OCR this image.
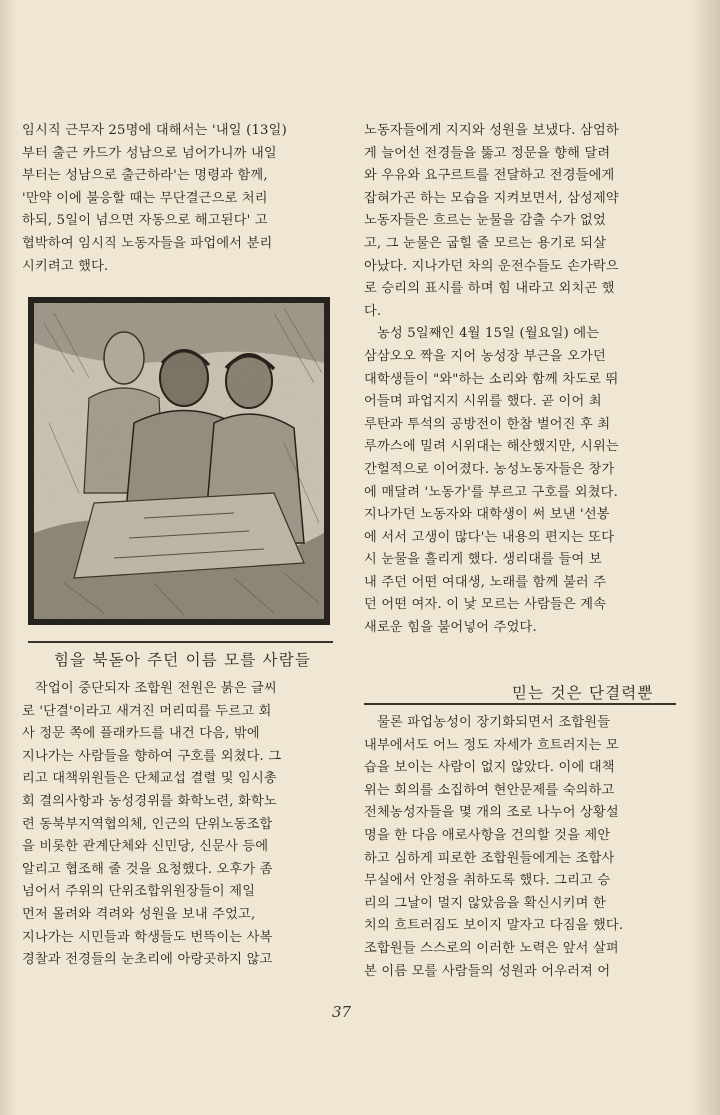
임시직 근무자 25명에 대해서는 '내일 (13일)

부터 출근 카드가 성남으로 넘어가니까 내일

부터는 성남으로 출근하라'는 명령과 함께,

'만약 이에 불응할 때는 무단결근으로 처리

하되, 5일이 넘으면 자동으로 해고된다' 고

협박하여 임시직 노동자들을 파업에서 분리

시키려고 했다.

힘을 북돋아 주던 이름 모를 사람들

작업이 중단되자 조합원 전원은 붉은 글씨

로 '단결'이라고 새겨진 머리띠를 두르고 회

사 정문 쪽에 플래카드를 내건 다음, 밖에

지나가는 사람들을 향하여 구호를 외쳤다. 그

리고 대책위원들은 단체교섭 결렬 및 임시총

회 결의사항과 농성경위를 화학노련, 화학노

련 동북부지역협의체, 인근의 단위노동조합

을 비롯한 관계단체와 신민당, 신문사 등에

알리고 협조해 줄 것을 요청했다. 오후가 좀

넘어서 주위의 단위조합위원장들이 제일

먼저 몰려와 격려와 성원을 보내 주었고,

지나가는 시민들과 학생들도 번뜩이는 사복

경찰과 전경들의 눈초리에 아랑곳하지 않고

노동자들에게 지지와 성원을 보냈다. 삼엄하

게 늘어선 전경들을 뚫고 정문을 향해 달려

와 우유와 요구르트를 전달하고 전경들에게

잡혀가곤 하는 모습을 지켜보면서, 삼성제약

노동자들은 흐르는 눈물을 감출 수가 없었

고, 그 눈물은 굽힐 줄 모르는 용기로 되살

아났다. 지나가던 차의 운전수들도 손가락으

로 승리의 표시를 하며 힘 내라고 외치곤 했

다.

농성 5일째인 4월 15일 (월요일) 에는

삼삼오오 짝을 지어 농성장 부근을 오가던

대학생들이 "와"하는 소리와 함께 차도로 뛰

어들며 파업지지 시위를 했다. 곧 이어 최

루탄과 투석의 공방전이 한참 벌어진 후 최

루까스에 밀려 시위대는 해산했지만, 시위는

간헐적으로 이어졌다. 농성노동자들은 창가

에 매달려 '노동가'를 부르고 구호를 외쳤다.

지나가던 노동자와 대학생이 써 보낸 '선봉

에 서서 고생이 많다'는 내용의 편지는 또다

시 눈물을 흘리게 했다. 생리대를 들여 보

내 주던 어떤 여대생, 노래를 함께 불러 주

던 어떤 여자. 이 낯 모르는 사람들은 계속

새로운 힘을 불어넣어 주었다.

믿는 것은 단결력뿐

물론 파업농성이 장기화되면서 조합원들

내부에서도 어느 정도 자세가 흐트러지는 모

습을 보이는 사람이 없지 않았다. 이에 대책

위는 회의를 소집하여 현안문제를 숙의하고

전체농성자들을 몇 개의 조로 나누어 상황설

명을 한 다음 애로사항을 건의할 것을 제안

하고 심하게 피로한 조합원들에게는 조합사

무실에서 안정을 취하도록 했다. 그리고 승

리의 그날이 멀지 않았음을 확신시키며 한

치의 흐트러짐도 보이지 말자고 다짐을 했다.

조합원들 스스로의 이러한 노력은 앞서 살펴

본 이름 모를 사람들의 성원과 어우러져 어

37
